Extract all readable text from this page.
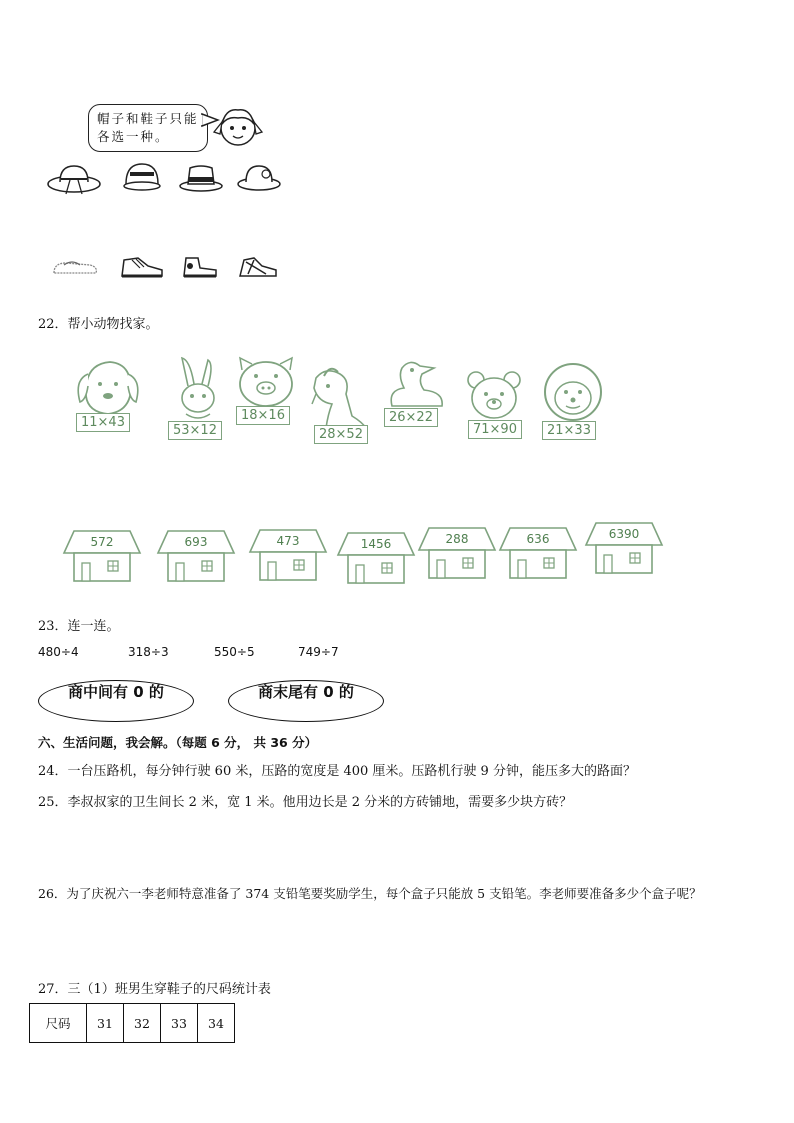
帽子和鞋子只能各选一种。
22．帮小动物找家。
11×43
53×12
18×16
28×52
26×22
71×90	21×33
572	693	473	1456	288	636	6390
23．连一连。
480÷4	318÷3	550÷5	749÷7
商中间有 0 的	商末尾有 0 的
六、生活问题，我会解。（每题 6 分， 共 36 分）
24．一台压路机，每分钟行驶 60 米，压路的宽度是 400 厘米。压路机行驶 9 分钟，能压多大的路面？
25．李叔叔家的卫生间长 2 米，宽 1 米。他用边长是 2 分米的方砖铺地，需要多少块方砖？
26．为了庆祝六一李老师特意准备了 374 支铅笔要奖励学生，每个盒子只能放 5 支铅笔。李老师要准备多少个盒子呢？
27．三（1）班男生穿鞋子的尺码统计表
尺码	31	32	33	34
